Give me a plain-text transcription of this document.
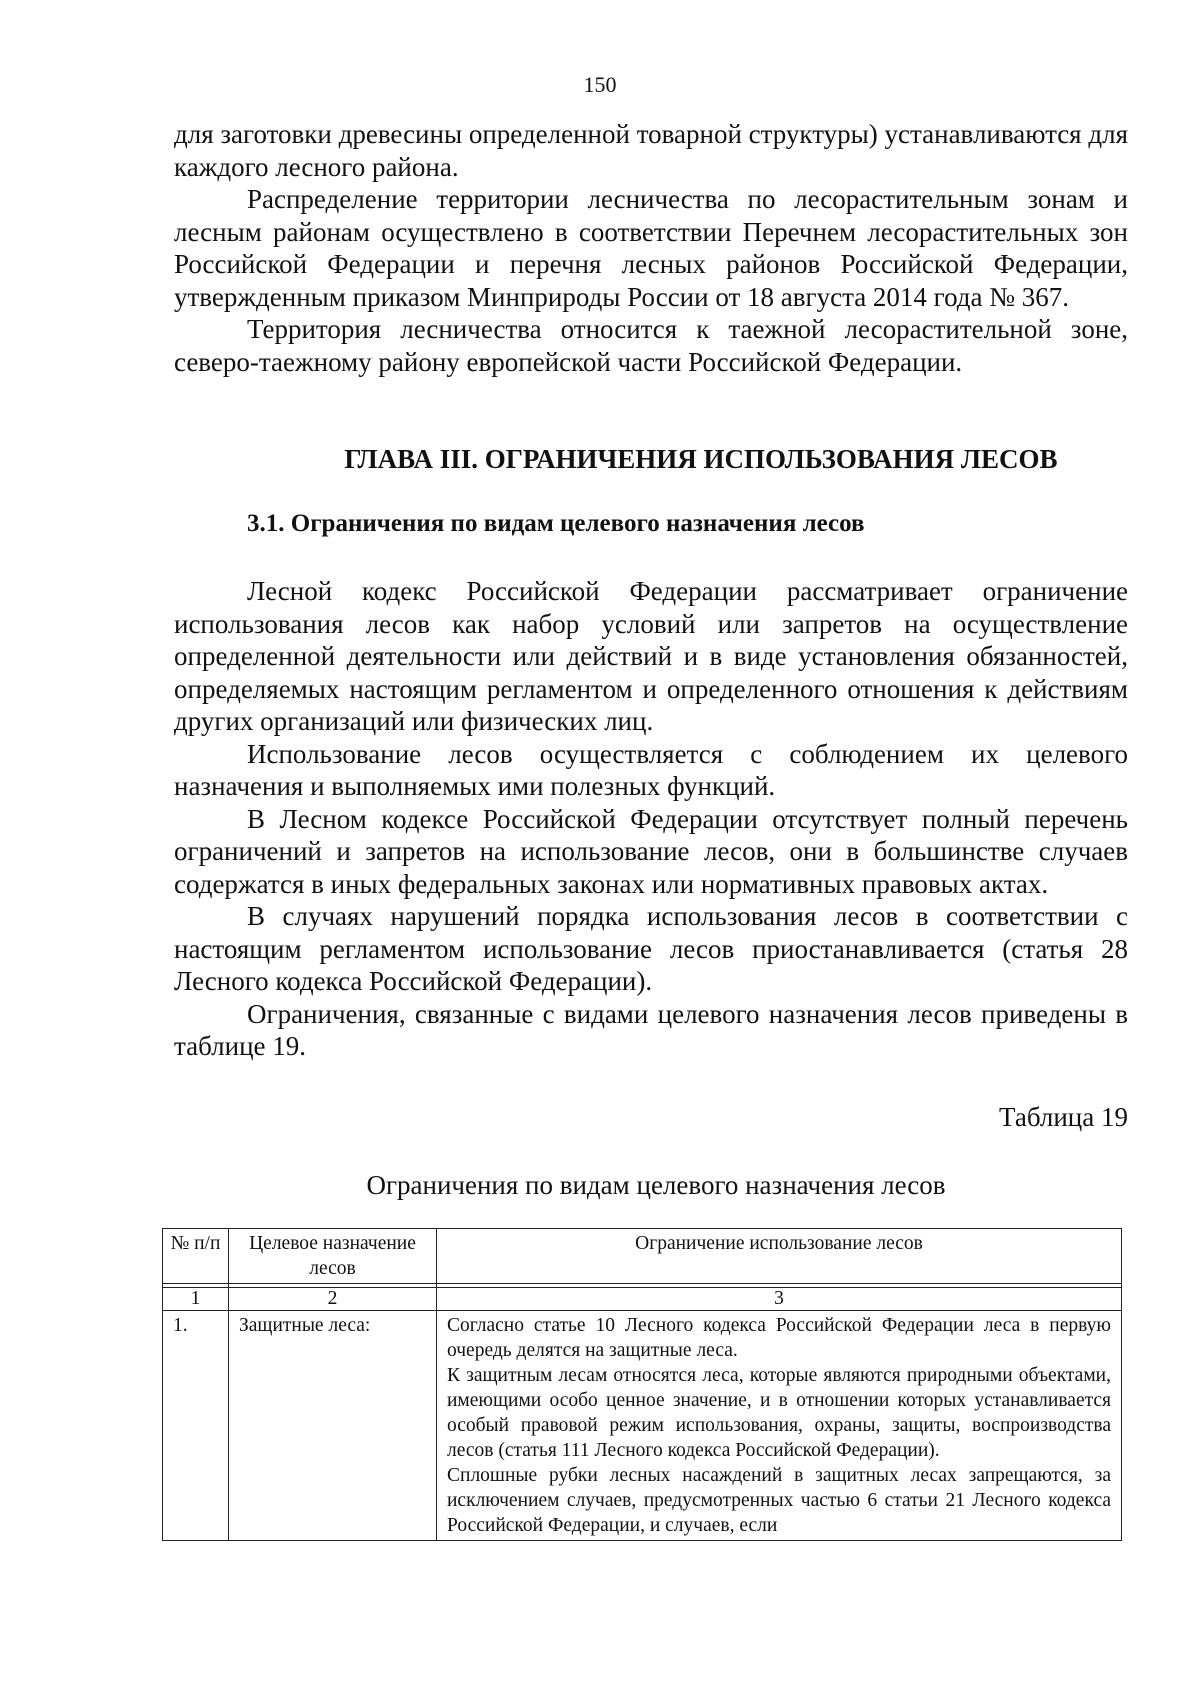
150

для заготовки древесины определенной товарной структуры) устанавливаются для каждого лесного района.

Распределение территории лесничества по лесорастительным зонам и лесным районам осуществлено в соответствии Перечнем лесорастительных зон Российской Федерации и перечня лесных районов Российской Федерации, утвержденным приказом Минприроды России от 18 августа 2014 года № 367.

Территория лесничества относится к таежной лесорастительной зоне, северо-таежному району европейской части Российской Федерации.

ГЛАВА III. ОГРАНИЧЕНИЯ ИСПОЛЬЗОВАНИЯ ЛЕСОВ
3.1. Ограничения по видам целевого назначения лесов

Лесной кодекс Российской Федерации рассматривает ограничение использования лесов как набор условий или запретов на осуществление определенной деятельности или действий и в виде установления обязанностей, определяемых настоящим регламентом и определенного отношения к действиям других организаций или физических лиц.

Использование лесов осуществляется с соблюдением их целевого назначения и выполняемых ими полезных функций.

В Лесном кодексе Российской Федерации отсутствует полный перечень ограничений и запретов на использование лесов, они в большинстве случаев содержатся в иных федеральных законах или нормативных правовых актах.

В случаях нарушений порядка использования лесов в соответствии с настоящим регламентом использование лесов приостанавливается (статья 28 Лесного кодекса Российской Федерации).

Ограничения, связанные с видами целевого назначения лесов приведены в таблице 19.

Таблица 19
Ограничения по видам целевого назначения лесов
№ п/п	Целевое назначение лесов	Ограничение использование лесов

1	2	3
1.	Защитные леса:	Согласно статье 10 Лесного кодекса Российской Федерации леса в первую очередь делятся на защитные леса.

К защитным лесам относятся леса, которые являются природными объектами, имеющими особо ценное значение, и в отношении которых устанавливается особый правовой режим использования, охраны, защиты, воспроизводства лесов (статья 111 Лесного кодекса Российской Федерации).

Сплошные рубки лесных насаждений в защитных лесах запрещаются, за исключением случаев, предусмотренных частью 6 статьи 21 Лесного кодекса Российской Федерации, и случаев, если
